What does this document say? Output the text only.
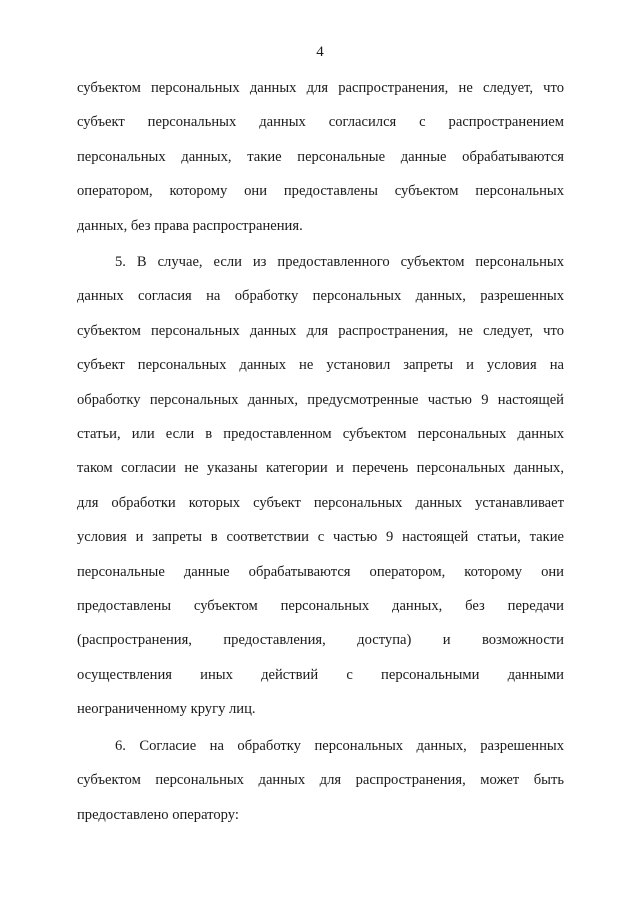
4
субъектом персональных данных для распространения, не следует, что
субъект персональных данных согласился с распространением
персональных данных, такие персональные данные обрабатываются
оператором, которому они предоставлены субъектом персональных
данных, без права распространения.
5. В случае, если из предоставленного субъектом персональных
данных согласия на обработку персональных данных, разрешенных
субъектом персональных данных для распространения, не следует, что
субъект персональных данных не установил запреты и условия на
обработку персональных данных, предусмотренные частью 9 настоящей
статьи, или если в предоставленном субъектом персональных данных
таком согласии не указаны категории и перечень персональных данных,
для обработки которых субъект персональных данных устанавливает
условия и запреты в соответствии с частью 9 настоящей статьи, такие
персональные данные обрабатываются оператором, которому они
предоставлены субъектом персональных данных, без передачи
(распространения, предоставления, доступа) и возможности
осуществления иных действий с персональными данными
неограниченному кругу лиц.
6. Согласие на обработку персональных данных, разрешенных
субъектом персональных данных для распространения, может быть
предоставлено оператору:
